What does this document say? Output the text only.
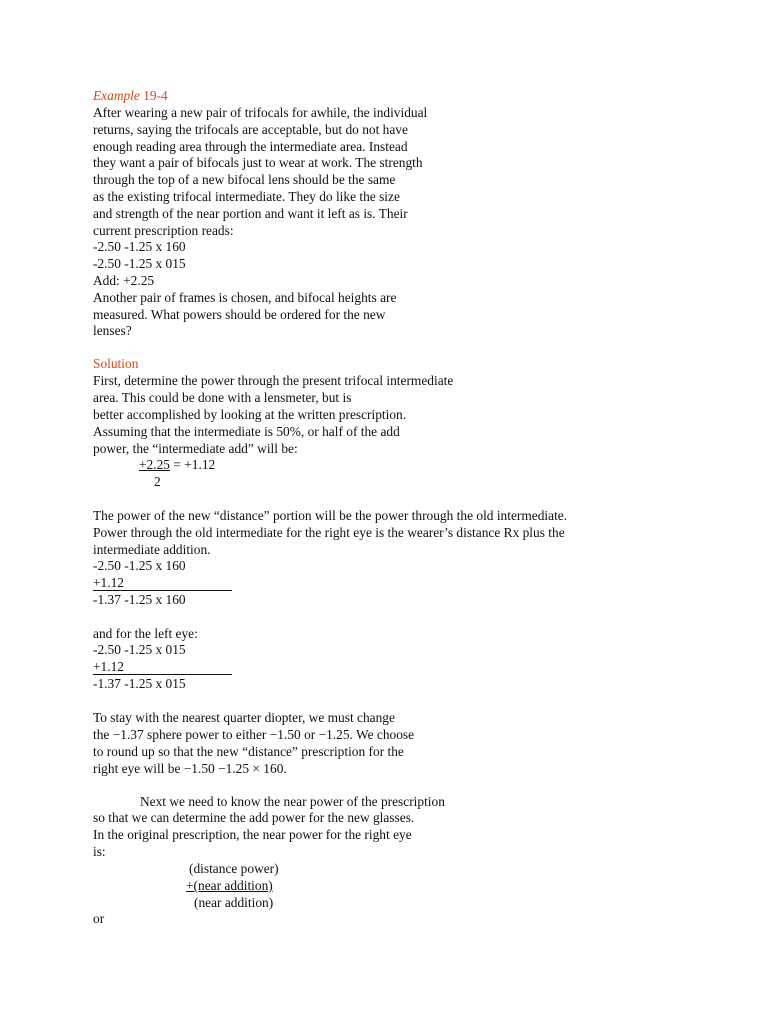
Example 19-4
After wearing a new pair of trifocals for awhile, the individual
returns, saying the trifocals are acceptable, but do not have
enough reading area through the intermediate area. Instead
they want a pair of bifocals just to wear at work. The strength
through the top of a new bifocal lens should be the same
as the existing trifocal intermediate. They do like the size
and strength of the near portion and want it left as is. Their
current prescription reads:
-2.50 -1.25 x 160
-2.50 -1.25 x 015
Add: +2.25
Another pair of frames is chosen, and bifocal heights are
measured. What powers should be ordered for the new
lenses?
Solution
First, determine the power through the present trifocal intermediate
area. This could be done with a lensmeter, but is
better accomplished by looking at the written prescription.
Assuming that the intermediate is 50%, or half of the add
power, the “intermediate add” will be:
+2.25 = +1.12
2
The power of the new “distance” portion will be the power through the old intermediate.
Power through the old intermediate for the right eye is the wearer’s distance Rx plus the
intermediate addition.
-2.50 -1.25 x 160
+1.12
-1.37 -1.25 x 160
and for the left eye:
-2.50 -1.25 x 015
+1.12
-1.37 -1.25 x 015
To stay with the nearest quarter diopter, we must change
the −1.37 sphere power to either −1.50 or −1.25. We choose
to round up so that the new “distance” prescription for the
right eye will be −1.50 −1.25 × 160.
Next we need to know the near power of the prescription
so that we can determine the add power for the new glasses.
In the original prescription, the near power for the right eye
is:
(distance power)
+(near addition)
(near addition)
or
